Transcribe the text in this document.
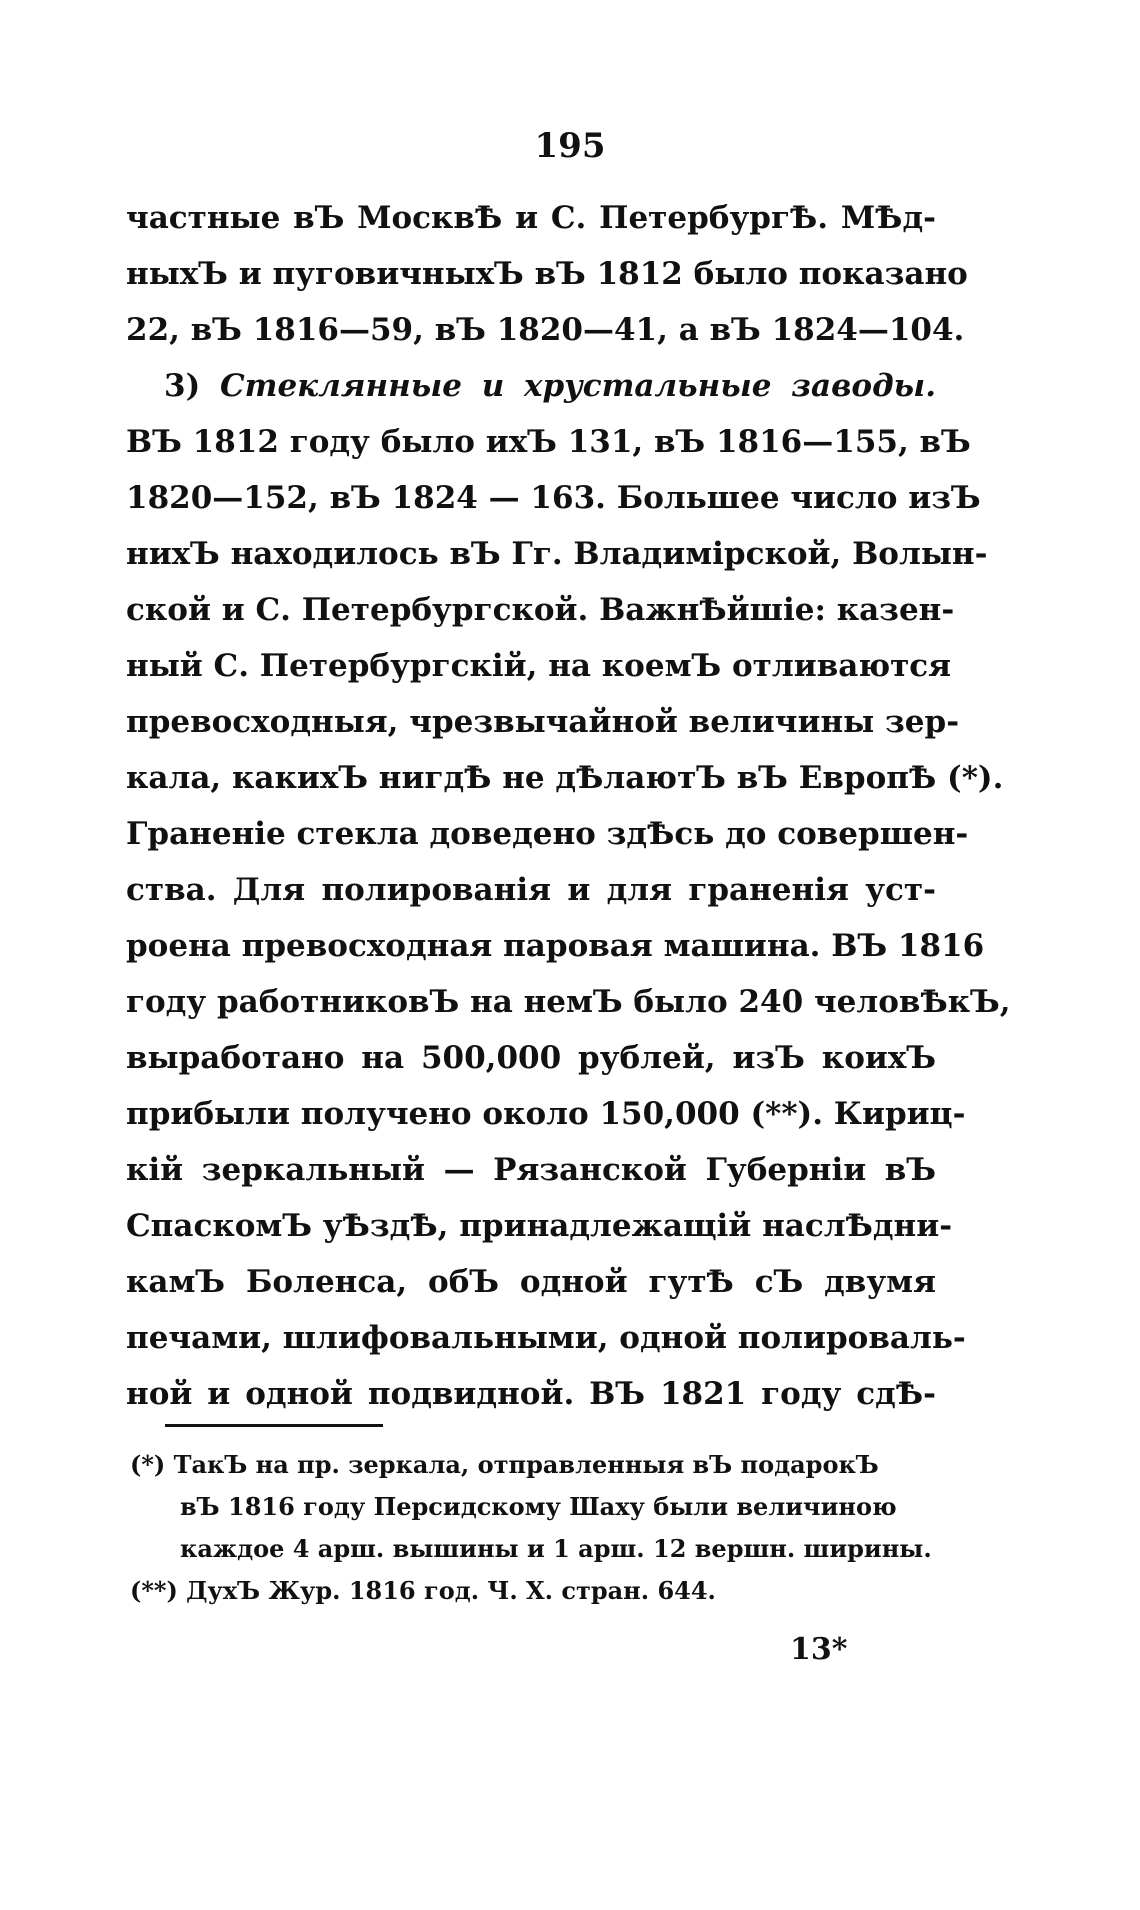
195
частные вЪ МосквѢ и С. ПетербургѢ. МѢд-
ныхЪ и пуговичныхЪ вЪ 1812 было показано
22, вЪ 1816—59, вЪ 1820—41, а вЪ 1824—104.
3) Стеклянные и хрустальные заводы.
ВЪ 1812 году было ихЪ 131, вЪ 1816—155, вЪ
1820—152, вЪ 1824 — 163. Большее число изЪ
нихЪ находилось вЪ Гг. Владимірской, Волын-
ской и С. Петербургской. ВажнѢйшіе: казен-
ный С. Петербургскій, на коемЪ отливаются
превосходныя, чрезвычайной величины зер-
кала, какихЪ нигдѢ не дѢлаютЪ вЪ ЕвропѢ (*).
Граненіе стекла доведено здѢсь до совершен-
ства. Для полированія и для граненія уст-
роена превосходная паровая машина. ВЪ 1816
году работниковЪ на немЪ было 240 человѢкЪ,
выработано на 500,000 рублей, изЪ коихЪ
прибыли получено около 150,000 (**). Кириц-
кій зеркальный — Рязанской Губерніи вЪ
СпаскомЪ уѢздѢ, принадлежащій наслѢдни-
камЪ Боленса, обЪ одной гутѢ сЪ двумя
печами, шлифовальными, одной полироваль-
ной и одной подвидной. ВЪ 1821 году сдѢ-
(*) ТакЪ на пр. зеркала, отправленныя вЪ подарокЪ
вЪ 1816 году Персидскому Шаху были величиною
каждое 4 арш. вышины и 1 арш. 12 вершн. ширины.
(**) ДухЪ Жур. 1816 год. Ч. X. стран. 644.
13*
